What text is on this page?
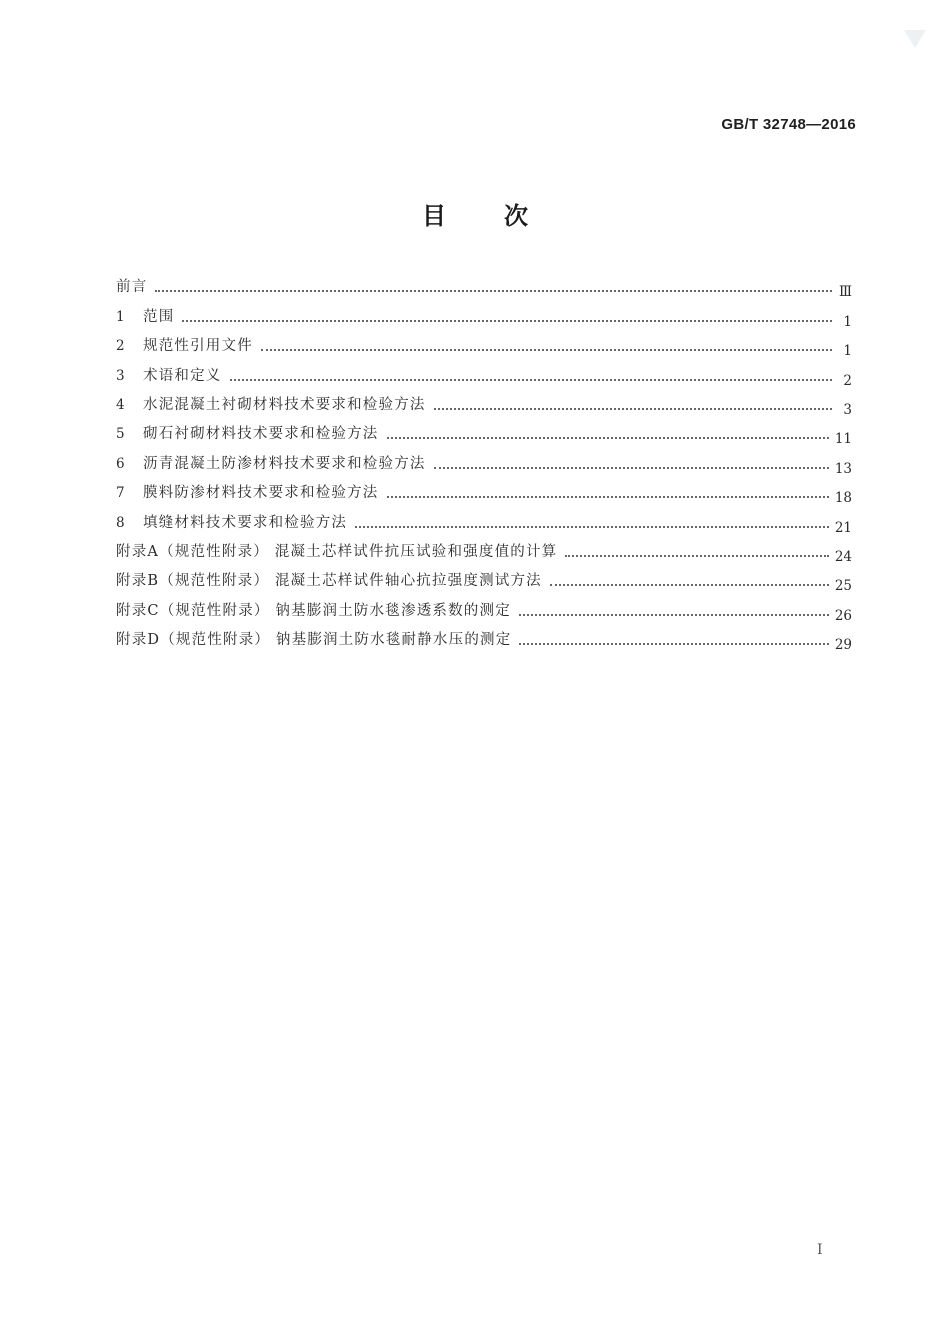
GB/T 32748—2016
目次
前言	Ⅲ
1	范围	1
2	规范性引用文件	1
3	术语和定义	2
4	水泥混凝土衬砌材料技术要求和检验方法	3
5	砌石衬砌材料技术要求和检验方法	11
6	沥青混凝土防渗材料技术要求和检验方法	13
7	膜料防渗材料技术要求和检验方法	18
8	填缝材料技术要求和检验方法	21
附录A（规范性附录） 混凝土芯样试件抗压试验和强度值的计算	24
附录B（规范性附录） 混凝土芯样试件轴心抗拉强度测试方法	25
附录C（规范性附录） 钠基膨润土防水毯渗透系数的测定	26
附录D（规范性附录） 钠基膨润土防水毯耐静水压的测定	29
I
